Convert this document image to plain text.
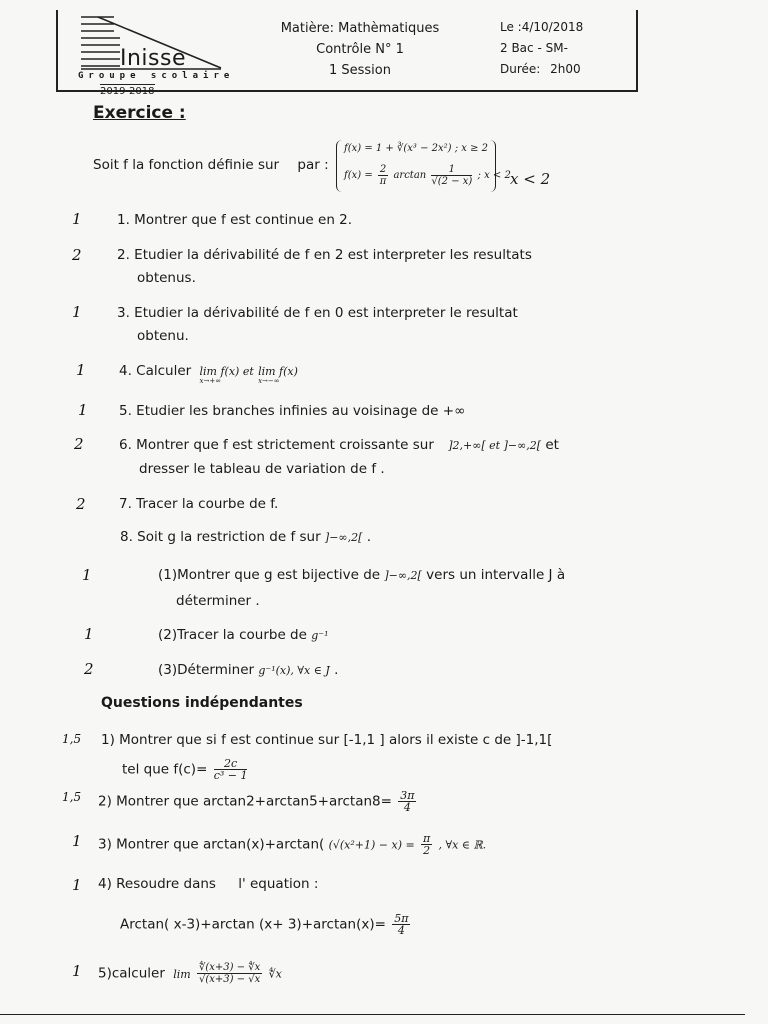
Inisse
Groupe scolaire
2019-2018
Matière: Mathèmatiques
Contrôle N° 1
1 Session
Le :4/10/2018
2 Bac - SM-
Durée: 2h00
Exercice :
Soit f la fonction définie sur par :
f(x) = 1 + ∛(x³ − 2x²) ; x ≥ 2
$f(x) = \frac{2}{\pi}$ $\arctan \frac{1}{√(2 - x)}$ ; x < 2 x < 2
1	1. Montrer que f est continue en 2.
2	2. Etudier la dérivabilité de f en 2 est interpreter les resultats
obtenus.
1	3. Etudier la dérivabilité de f en 0 est interpreter le resultat
obtenu.
1 4. Calculer lim f(x)
x→+∞
et lim f(x)
x→−∞
1 5. Etudier les branches infinies au voisinage de +∞
2	6. Montrer que f est strictement croissante sur ]2,+∞[ et ]−∞,2[ et
dresser le tableau de variation de f .
2 7. Tracer la courbe de f.
8. Soit g la restriction de f sur ]−∞,2[ .
1	(1)Montrer que g est bijective de ]−∞,2[ vers un intervalle J à
déterminer .
1	(2)Tracer la courbe de g⁻¹
2	(3)Déterminer g⁻¹(x), ∀x ∈ J .
Questions indépendantes
1,5 1) Montrer que si f est continue sur [-1,1 ] alors il existe c de ]-1,1[
tel que $f(c)= \frac{2c}{\text{c³ − 1}}$
1,5 2) Montrer que $\arctan 2+\arctan 5+\arctan 8= \frac{3\pi}{4}$
1 3) Montrer que arctan(x)+arctan( $(√(x^2+1) - x) = \frac{\pi}{2}$ , ∀x ∈ ℝ.
1 4) Resoudre dans l' equation :
Arctan( x-3)+arctan $(x+ 3)+\arctan(x)= \frac{5\pi}{4}$
1 5)calculer $\lim \frac{∜(x+3) - ∜x}{√(x+3) - √x}$ ∜x
